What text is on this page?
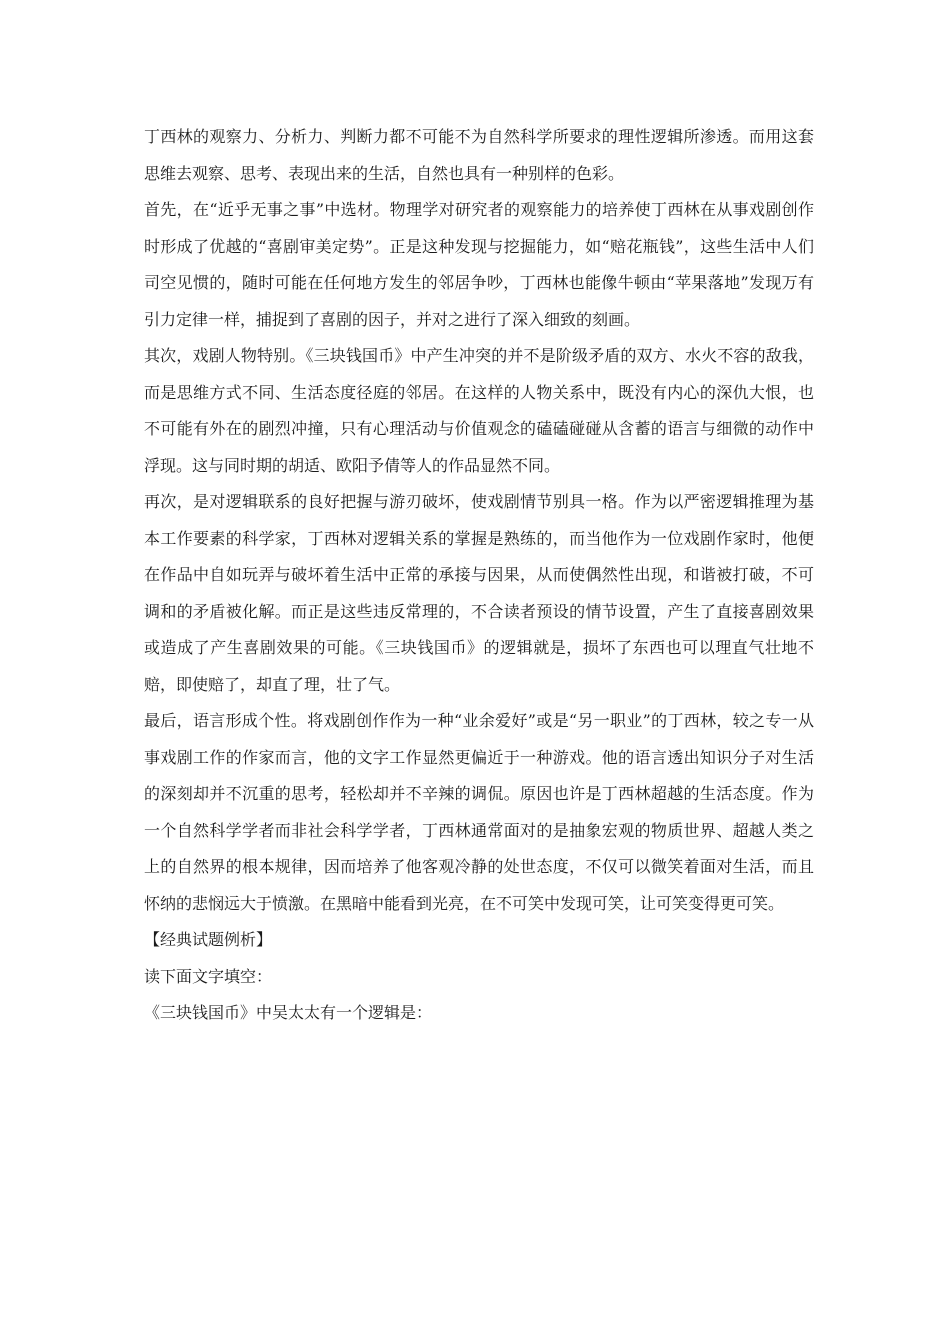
丁西林的观察力、分析力、判断力都不可能不为自然科学所要求的理性逻辑所渗透。而用这套思维去观察、思考、表现出来的生活，自然也具有一种别样的色彩。

首先，在“近乎无事之事”中选材。物理学对研究者的观察能力的培养使丁西林在从事戏剧创作时形成了优越的“喜剧审美定势”。正是这种发现与挖掘能力，如“赔花瓶钱”，这些生活中人们司空见惯的，随时可能在任何地方发生的邻居争吵，丁西林也能像牛顿由“苹果落地”发现万有引力定律一样，捕捉到了喜剧的因子，并对之进行了深入细致的刻画。

其次，戏剧人物特别。《三块钱国币》中产生冲突的并不是阶级矛盾的双方、水火不容的敌我，而是思维方式不同、生活态度径庭的邻居。在这样的人物关系中，既没有内心的深仇大恨，也不可能有外在的剧烈冲撞，只有心理活动与价值观念的磕磕碰碰从含蓄的语言与细微的动作中浮现。这与同时期的胡适、欧阳予倩等人的作品显然不同。

再次，是对逻辑联系的良好把握与游刃破坏，使戏剧情节别具一格。作为以严密逻辑推理为基本工作要素的科学家，丁西林对逻辑关系的掌握是熟练的，而当他作为一位戏剧作家时，他便在作品中自如玩弄与破坏着生活中正常的承接与因果，从而使偶然性出现，和谐被打破，不可调和的矛盾被化解。而正是这些违反常理的，不合读者预设的情节设置，产生了直接喜剧效果或造成了产生喜剧效果的可能。《三块钱国币》的逻辑就是，损坏了东西也可以理直气壮地不赔，即使赔了，却直了理，壮了气。

最后，语言形成个性。将戏剧创作作为一种“业余爱好”或是“另一职业”的丁西林，较之专一从事戏剧工作的作家而言，他的文字工作显然更偏近于一种游戏。他的语言透出知识分子对生活的深刻却并不沉重的思考，轻松却并不辛辣的调侃。原因也许是丁西林超越的生活态度。作为一个自然科学学者而非社会科学学者，丁西林通常面对的是抽象宏观的物质世界、超越人类之上的自然界的根本规律，因而培养了他客观冷静的处世态度，不仅可以微笑着面对生活，而且怀纳的悲悯远大于愤激。在黑暗中能看到光亮，在不可笑中发现可笑，让可笑变得更可笑。

【经典试题例析】

读下面文字填空：

《三块钱国币》中吴太太有一个逻辑是：
